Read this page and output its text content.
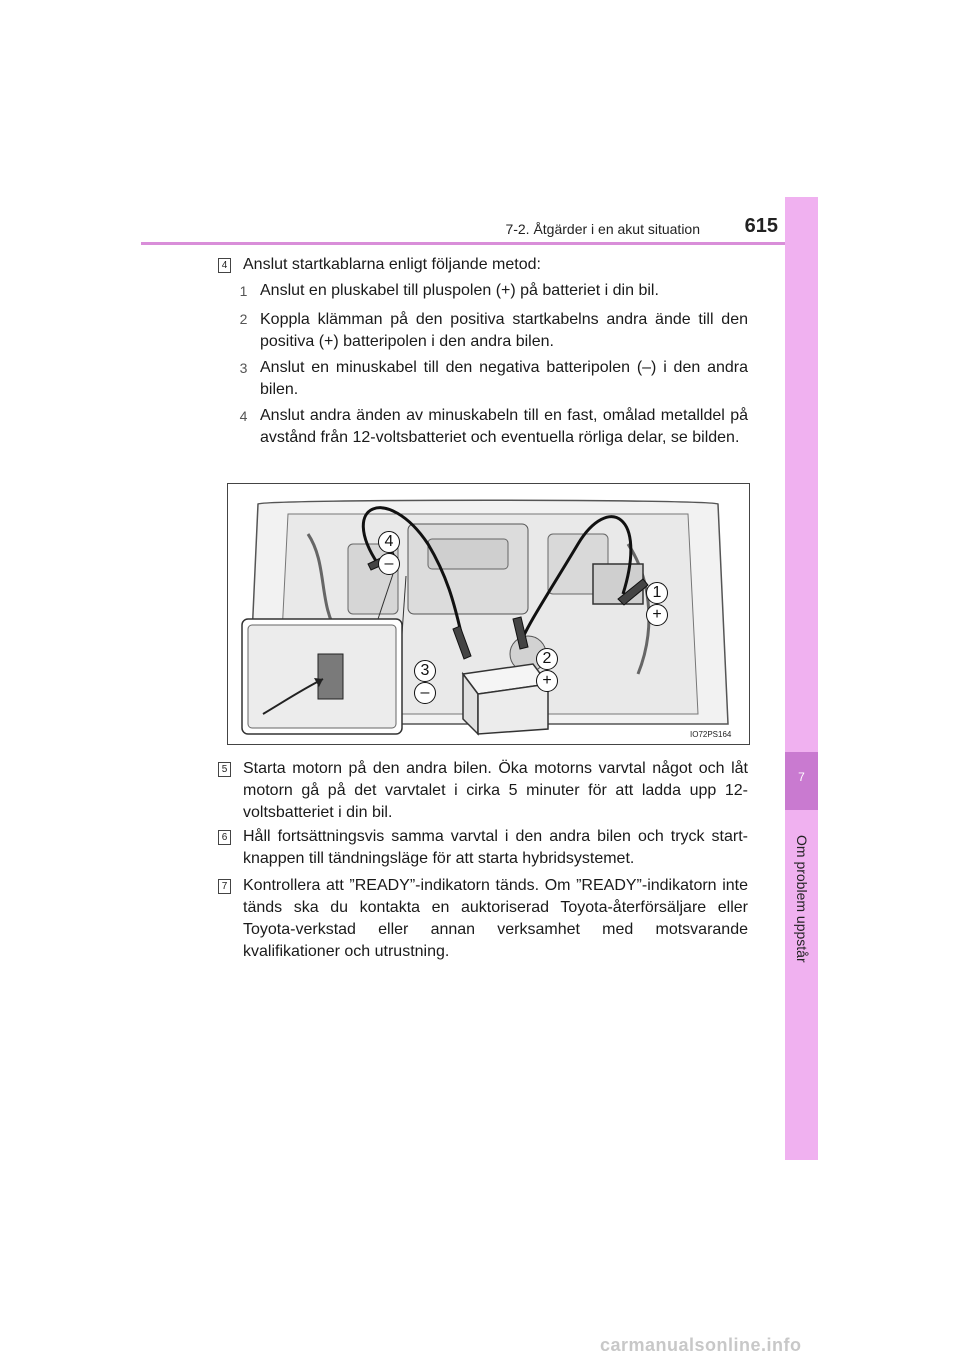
7-2. Åtgärder i en akut situation	615
7
Om problem uppstår
4 Anslut startkablarna enligt följande metod:
1 Anslut en pluskabel till pluspolen (+) på batteriet i din bil.
2 Koppla klämman på den positiva startkabelns andra ände till den positiva (+) batteripolen i den andra bilen.
3 Anslut en minuskabel till den negativa batteripolen (–) i den andra bilen.
4 Anslut andra änden av minuskabeln till en fast, omålad metalldel på avstånd från 12-voltsbatteriet och eventuella rörliga delar, se bilden.
4 –
1 +
2 +
3 –
IO72PS164
5 Starta motorn på den andra bilen. Öka motorns varvtal något och låt motorn gå på det varvtalet i cirka 5 minuter för att ladda upp 12-voltsbatteriet i din bil.
6 Håll fortsättningsvis samma varvtal i den andra bilen och tryck start-knappen till tändningsläge för att starta hybridsystemet.
7 Kontrollera att ”READY”-indikatorn tänds. Om ”READY”-indikatorn inte tänds ska du kontakta en auktoriserad Toyota-återförsäljare eller Toyota-verkstad eller annan verksamhet med motsvarande kvalifikationer och utrustning.
carmanualsonline.info
